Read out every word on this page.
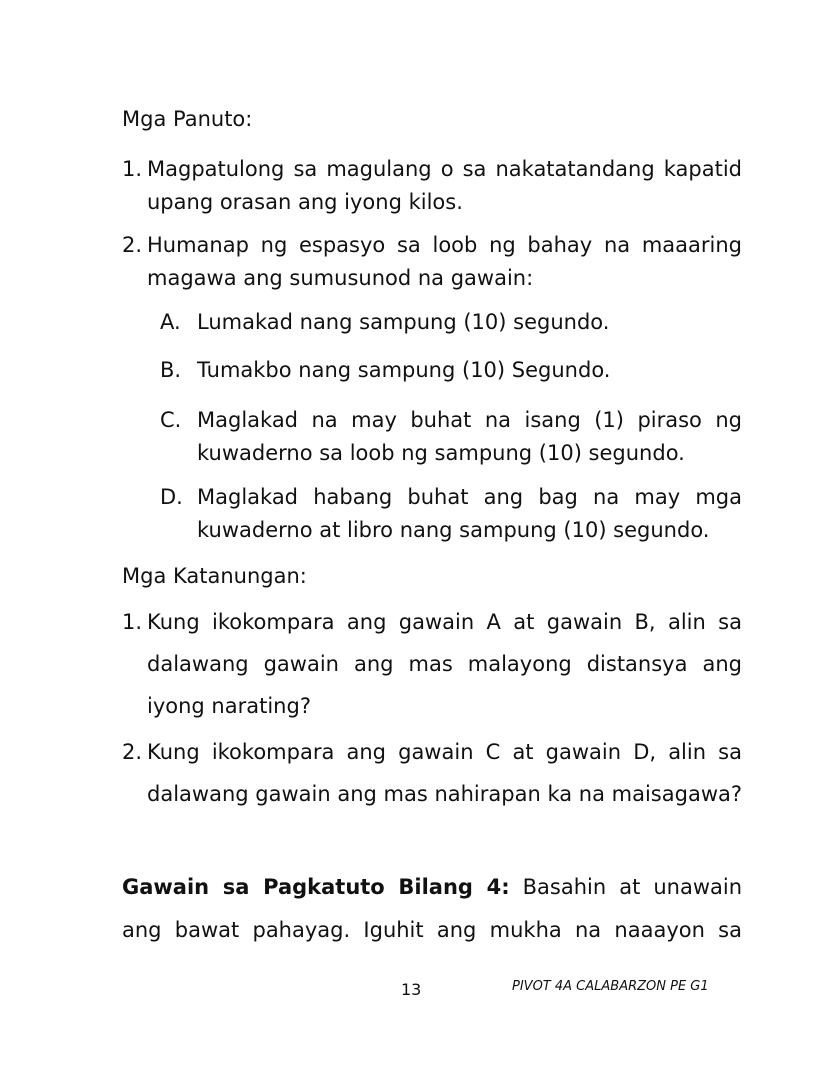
Mga Panuto:

1. Magpatulong sa magulang o sa nakatatandang kapatid upang orasan ang iyong kilos.
2. Humanap ng espasyo sa loob ng bahay na maaaring magawa ang sumusunod na gawain:
A. Lumakad nang sampung (10) segundo.
B. Tumakbo nang sampung (10) Segundo.
C. Maglakad na may buhat na isang (1) piraso ng kuwaderno sa loob ng sampung (10) segundo.
D. Maglakad habang buhat ang bag na may mga kuwaderno at libro nang sampung (10) segundo.

Mga Katanungan:

1. Kung ikokompara ang gawain A at gawain B, alin sa dalawang gawain ang mas malayong distansya ang iyong narating?
2. Kung ikokompara ang gawain C at gawain D, alin sa dalawang gawain ang mas nahirapan ka na maisagawa?
Gawain sa Pagkatuto Bilang 4: Basahin at unawain ang bawat pahayag. Iguhit ang mukha na naaayon sa
13	PIVOT 4A CALABARZON PE G1
